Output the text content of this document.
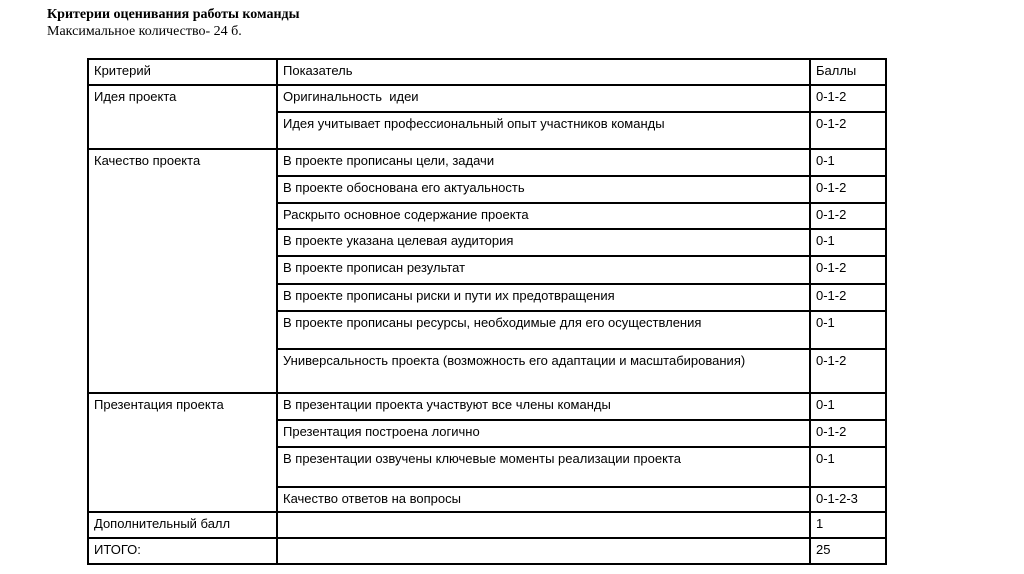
Критерии оценивания работы команды
Максимальное количество- 24 б.
Критерий	Показатель	Баллы
Идея проекта	Оригинальность  идеи	0-1-2
	Идея учитывает профессиональный опыт участников команды	0-1-2
Качество проекта	В проекте прописаны цели, задачи	0-1
	В проекте обоснована его актуальность	0-1-2
	Раскрыто основное содержание проекта	0-1-2
	В проекте указана целевая аудитория	0-1
	В проекте прописан результат	0-1-2
	В проекте прописаны риски и пути их предотвращения	0-1-2
	В проекте прописаны ресурсы, необходимые для его осуществления	0-1
	Универсальность проекта (возможность его адаптации и масштабирования)	0-1-2
Презентация проекта	В презентации проекта участвуют все члены команды	0-1
	Презентация построена логично	0-1-2
	В презентации озвучены ключевые моменты реализации проекта	0-1
	Качество ответов на вопросы	0-1-2-3
Дополнительный балл		1
ИТОГО:		25
